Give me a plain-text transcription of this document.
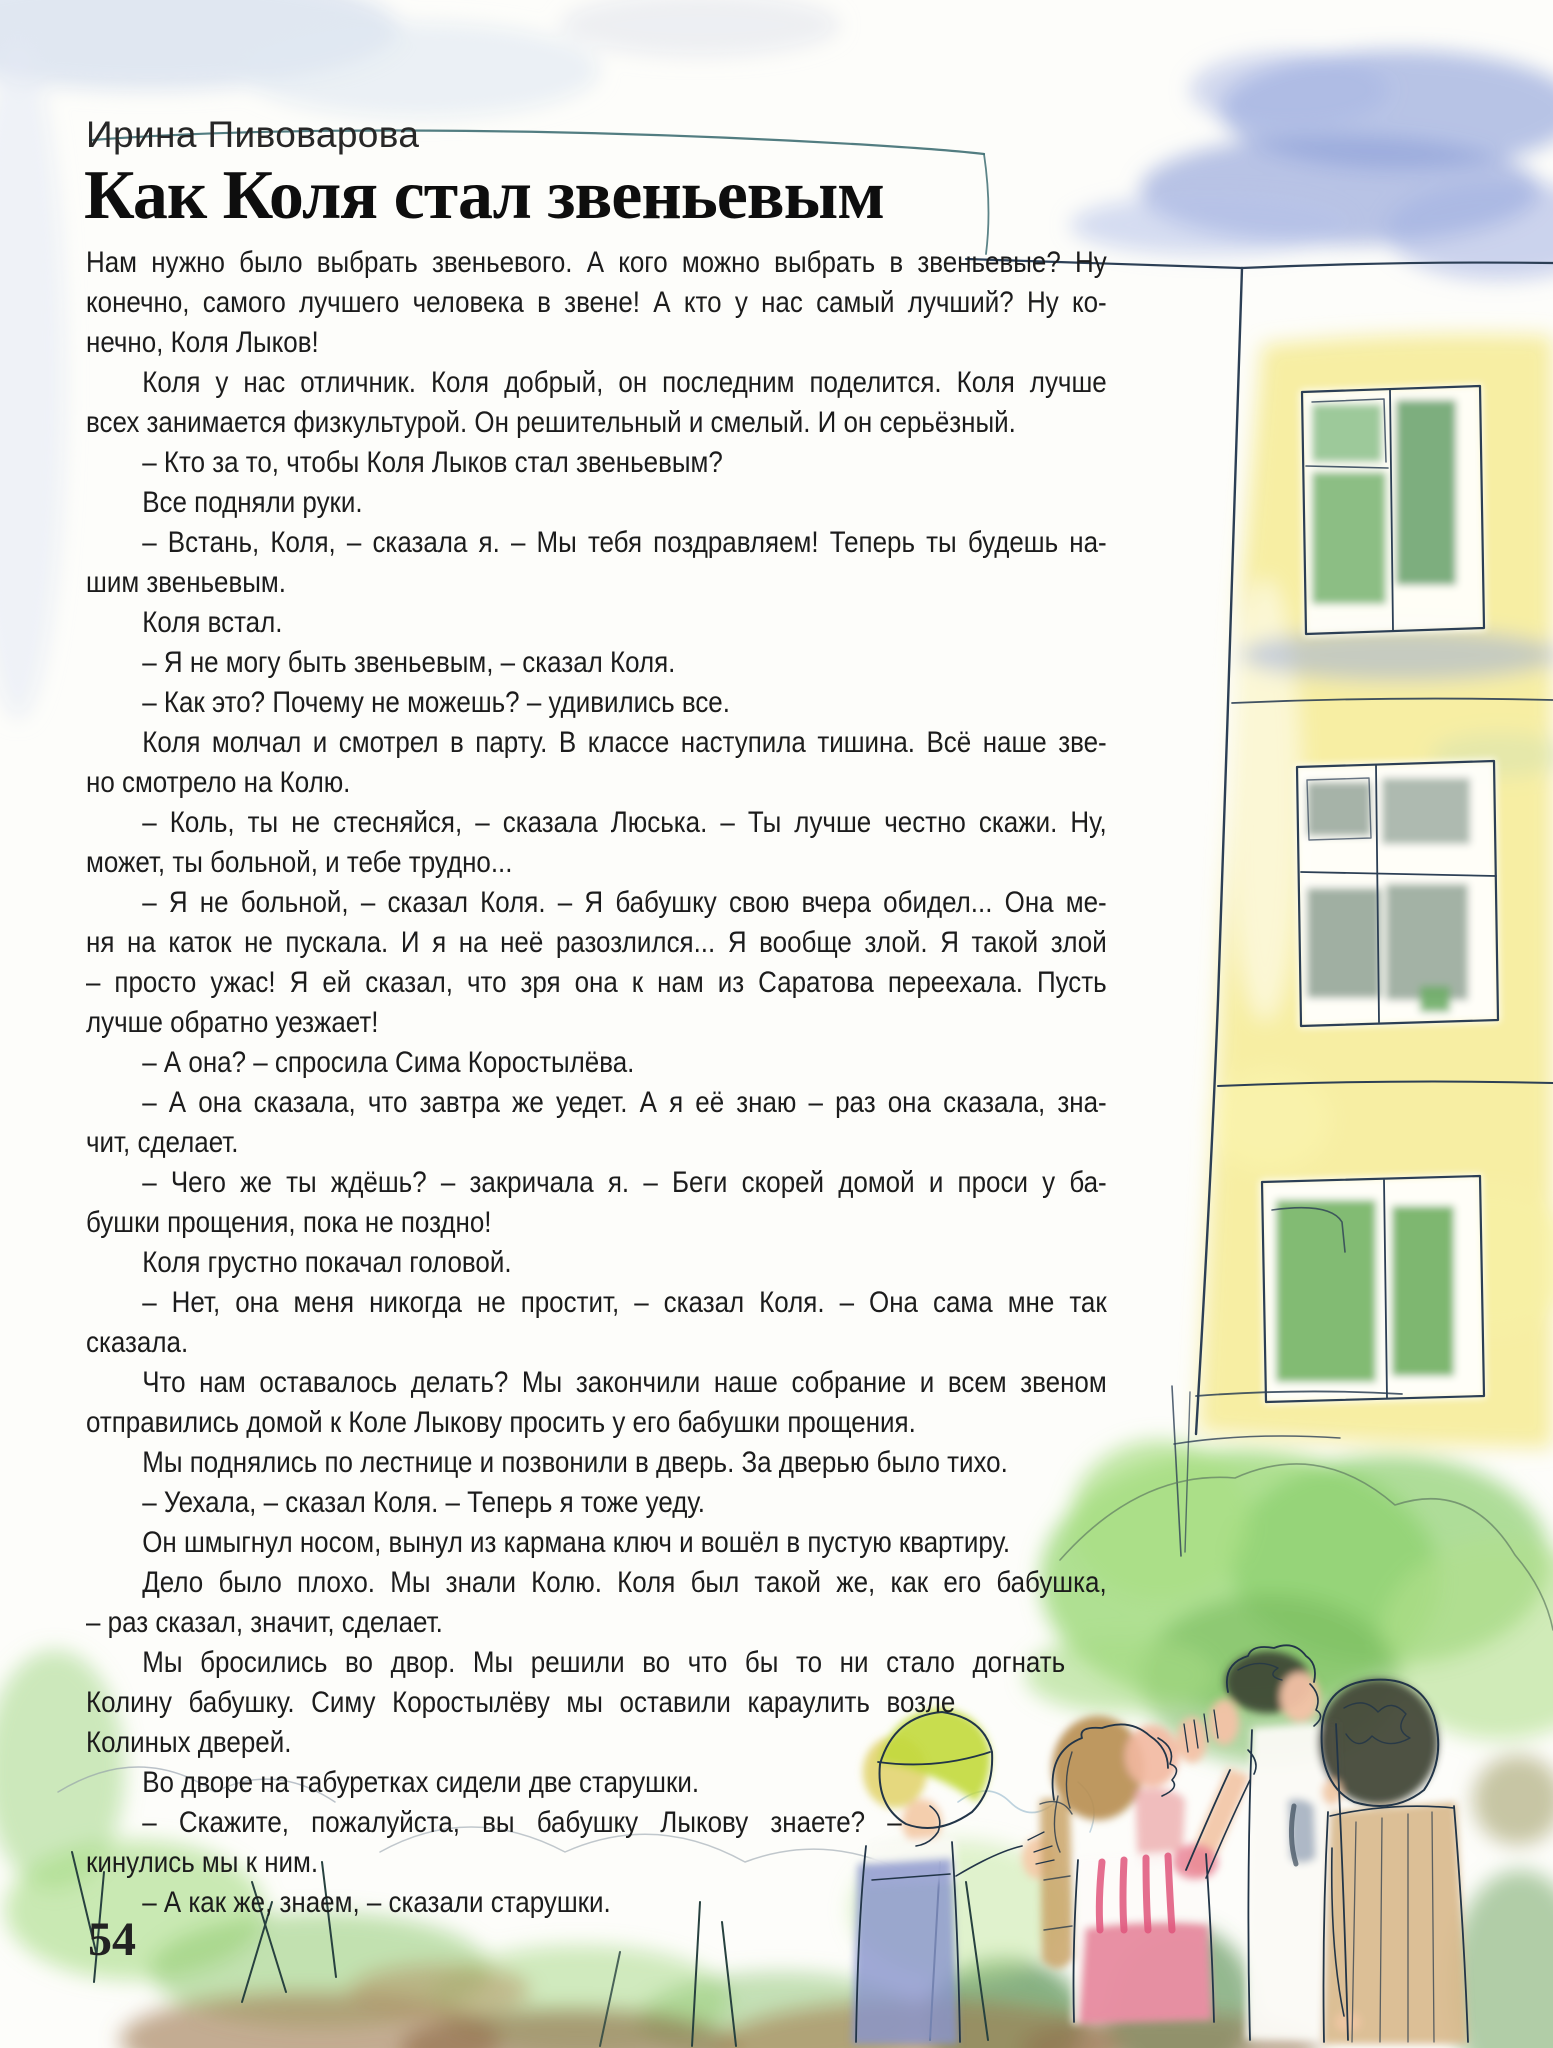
Ирина Пивоварова
Как Коля стал звеньевым
Нам нужно было выбрать звеньевого. А кого можно выбрать в звеньевые? Ну
конечно, самого лучшего человека в звене! А кто у нас самый лучший? Ну ко-
нечно, Коля Лыков!
Коля у нас отличник. Коля добрый, он последним поделится. Коля лучше
всех занимается физкультурой. Он решительный и смелый. И он серьёзный.
– Кто за то, чтобы Коля Лыков стал звеньевым?
Все подняли руки.
– Встань, Коля, – сказала я. – Мы тебя поздравляем! Теперь ты будешь на-
шим звеньевым.
Коля встал.
– Я не могу быть звеньевым, – сказал Коля.
– Как это? Почему не можешь? – удивились все.
Коля молчал и смотрел в парту. В классе наступила тишина. Всё наше зве-
но смотрело на Колю.
– Коль, ты не стесняйся, – сказала Люська. – Ты лучше честно скажи. Ну,
может, ты больной, и тебе трудно...
– Я не больной, – сказал Коля. – Я бабушку свою вчера обидел... Она ме-
ня на каток не пускала. И я на неё разозлился... Я вообще злой. Я такой злой
– просто ужас! Я ей сказал, что зря она к нам из Саратова переехала. Пусть
лучше обратно уезжает!
– А она? – спросила Сима Коростылёва.
– А она сказала, что завтра же уедет. А я её знаю – раз она сказала, зна-
чит, сделает.
– Чего же ты ждёшь? – закричала я. – Беги скорей домой и проси у ба-
бушки прощения, пока не поздно!
Коля грустно покачал головой.
– Нет, она меня никогда не простит, – сказал Коля. – Она сама мне так
сказала.
Что нам оставалось делать? Мы закончили наше собрание и всем звеном
отправились домой к Коле Лыкову просить у его бабушки прощения.
Мы поднялись по лестнице и позвонили в дверь. За дверью было тихо.
– Уехала, – сказал Коля. – Теперь я тоже уеду.
Он шмыгнул носом, вынул из кармана ключ и вошёл в пустую квартиру.
Дело было плохо. Мы знали Колю. Коля был такой же, как его бабушка,
– раз сказал, значит, сделает.
Мы бросились во двор. Мы решили во что бы то ни стало догнать
Колину бабушку. Симу Коростылёву мы оставили караулить возле
Колиных дверей.
Во дворе на табуретках сидели две старушки.
– Скажите, пожалуйста, вы бабушку Лыкову знаете? –
кинулись мы к ним.
– А как же, знаем, – сказали старушки.
54
